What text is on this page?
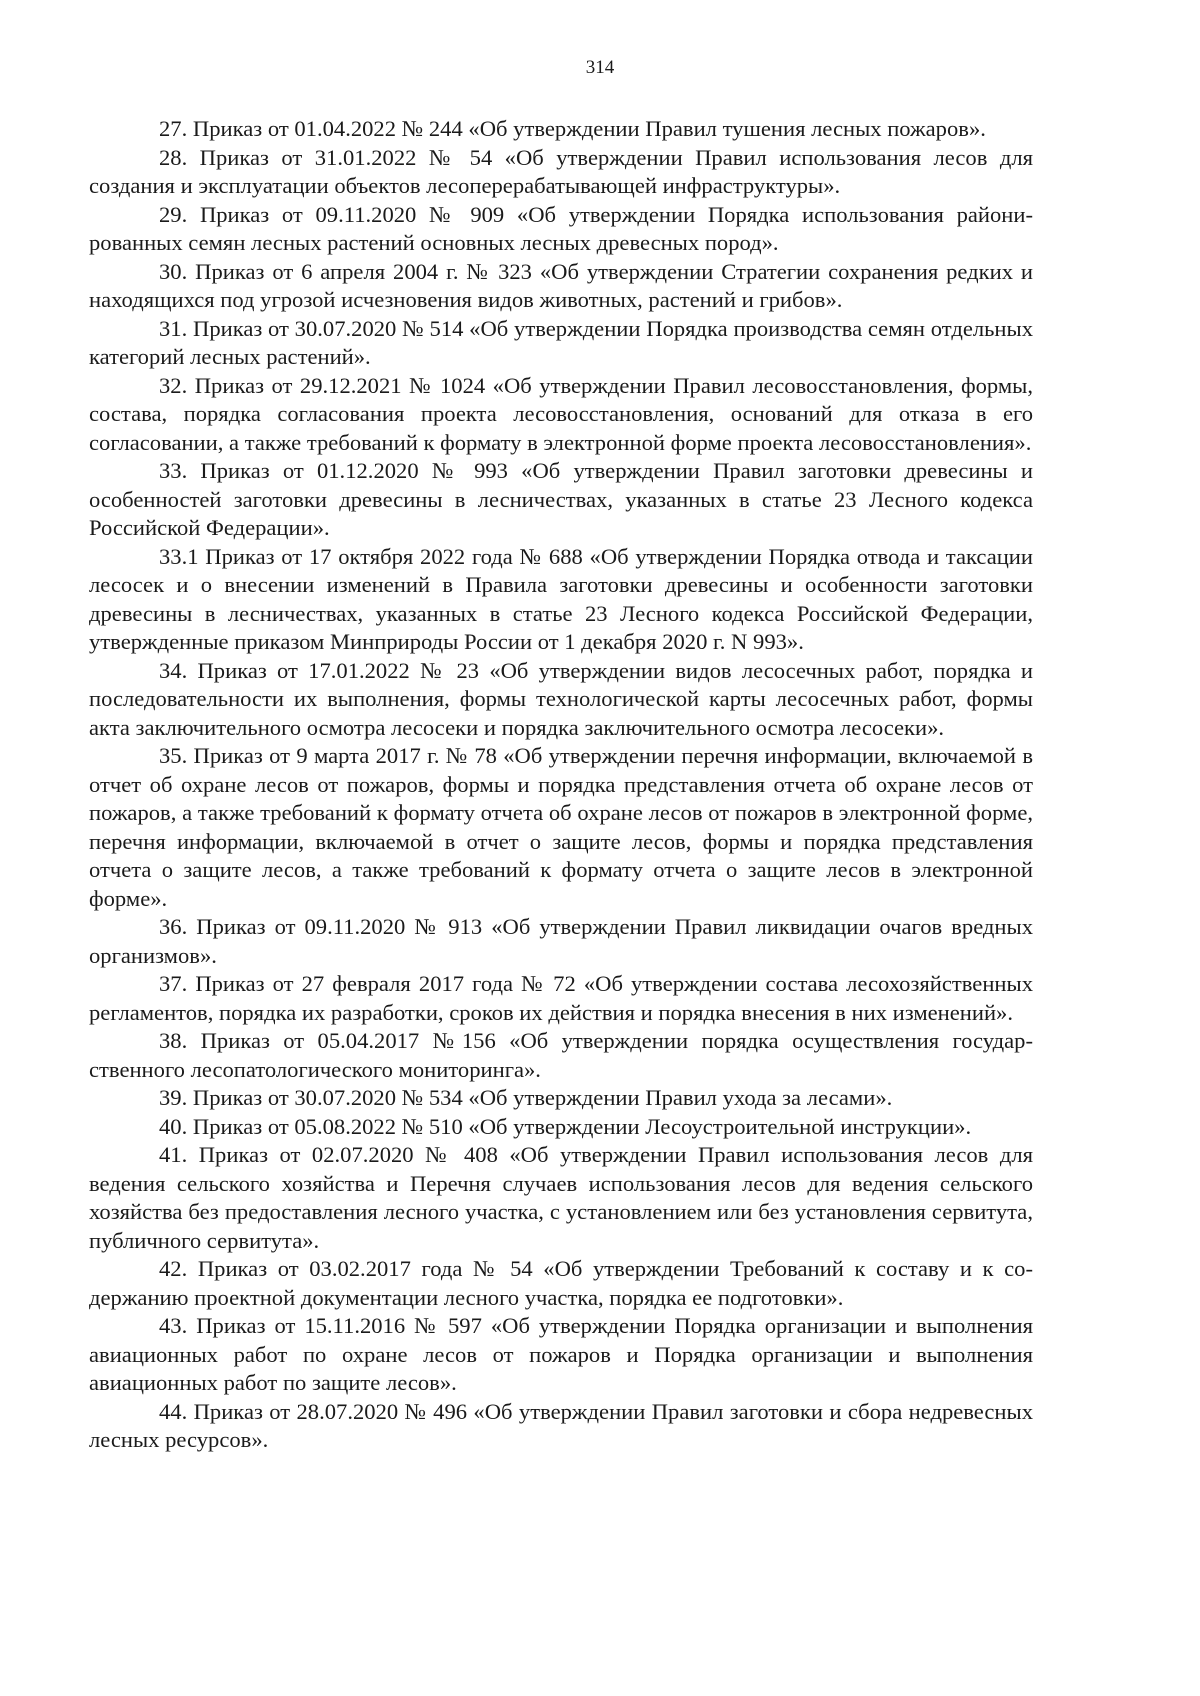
314

27. Приказ от 01.04.2022 № 244 «Об утверждении Правил тушения лесных пожаров».

28. Приказ от 31.01.2022 № 54 «Об утверждении Правил использования лесов для создания и эксплуатации объектов лесоперерабатывающей инфраструктуры».

29. Приказ от 09.11.2020 № 909 «Об утверждении Порядка использования районированных семян лесных растений основных лесных древесных пород».

30. Приказ от 6 апреля 2004 г. № 323 «Об утверждении Стратегии сохранения редких и находящихся под угрозой исчезновения видов животных, растений и грибов».

31. Приказ от 30.07.2020 № 514 «Об утверждении Порядка производства семян отдельных категорий лесных растений».

32. Приказ от 29.12.2021 № 1024 «Об утверждении Правил лесовосстановления, формы, состава, порядка согласования проекта лесовосстановления, оснований для отказа в его согласовании, а также требований к формату в электронной форме проекта лесовосстановления».

33. Приказ от 01.12.2020 № 993 «Об утверждении Правил заготовки древесины и особенностей заготовки древесины в лесничествах, указанных в статье 23 Лесного кодекса Российской Федерации».

33.1 Приказ от 17 октября 2022 года № 688 «Об утверждении Порядка отвода и таксации лесосек и о внесении изменений в Правила заготовки древесины и особенности заготовки древесины в лесничествах, указанных в статье 23 Лесного кодекса Российской Федерации, утвержденные приказом Минприроды России от 1 декабря 2020 г. N 993».

34. Приказ от 17.01.2022 № 23 «Об утверждении видов лесосечных работ, порядка и последовательности их выполнения, формы технологической карты лесосечных работ, формы акта заключительного осмотра лесосеки и порядка заключительного осмотра лесосеки».

35. Приказ от 9 марта 2017 г. № 78 «Об утверждении перечня информации, включаемой в отчет об охране лесов от пожаров, формы и порядка представления отчета об охране лесов от пожаров, а также требований к формату отчета об охране лесов от пожаров в электронной форме, перечня информации, включаемой в отчет о защите лесов, формы и порядка представления отчета о защите лесов, а также требований к формату отчета о защите лесов в электронной форме».

36. Приказ от 09.11.2020 № 913 «Об утверждении Правил ликвидации очагов вредных организмов».

37. Приказ от 27 февраля 2017 года № 72 «Об утверждении состава лесохозяйственных регламентов, порядка их разработки, сроков их действия и порядка внесения в них изменений».

38. Приказ от 05.04.2017 №156 «Об утверждении порядка осуществления государственного лесопатологического мониторинга».

39. Приказ от 30.07.2020 № 534 «Об утверждении Правил ухода за лесами».

40. Приказ от 05.08.2022 № 510 «Об утверждении Лесоустроительной инструкции».

41. Приказ от 02.07.2020 № 408 «Об утверждении Правил использования лесов для ведения сельского хозяйства и Перечня случаев использования лесов для ведения сельского хозяйства без предоставления лесного участка, с установлением или без установления сервитута, публичного сервитута».

42. Приказ от 03.02.2017 года № 54 «Об утверждении Требований к составу и к содержанию проектной документации лесного участка, порядка ее подготовки».

43. Приказ от 15.11.2016 № 597 «Об утверждении Порядка организации и выполнения авиационных работ по охране лесов от пожаров и Порядка организации и выполнения авиационных работ по защите лесов».

44. Приказ от 28.07.2020 № 496 «Об утверждении Правил заготовки и сбора недревесных лесных ресурсов».
